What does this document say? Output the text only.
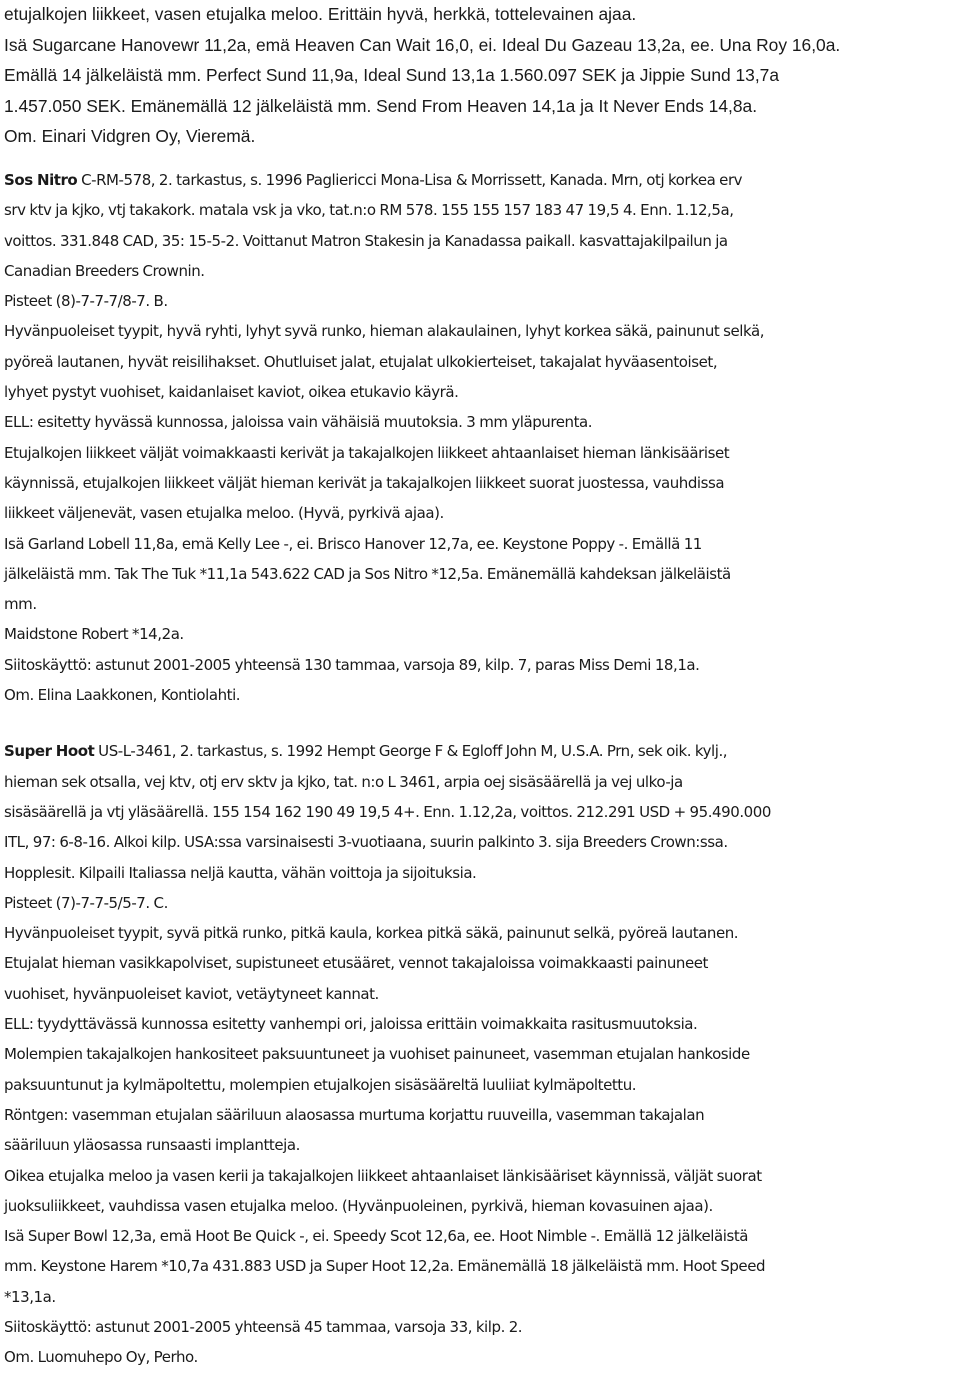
etujalkojen liikkeet, vasen etujalka meloo. Erittäin hyvä, herkkä, tottelevainen ajaa.
Isä Sugarcane Hanovewr 11,2a, emä Heaven Can Wait 16,0, ei. Ideal Du Gazeau 13,2a, ee. Una Roy 16,0a.
Emällä 14 jälkeläistä mm. Perfect Sund 11,9a, Ideal Sund 13,1a 1.560.097 SEK ja Jippie Sund 13,7a
1.457.050 SEK. Emänemällä 12 jälkeläistä mm. Send From Heaven 14,1a ja It Never Ends 14,8a.
Om. Einari Vidgren Oy, Vieremä.
Sos Nitro C-RM-578, 2. tarkastus, s. 1996 Pagliericci Mona-Lisa & Morrissett, Kanada. Mrn, otj korkea erv
srv ktv ja kjko, vtj takakork. matala vsk ja vko, tat.n:o RM 578. 155 155 157 183 47 19,5 4. Enn. 1.12,5a,
voittos. 331.848 CAD, 35: 15-5-2. Voittanut Matron Stakesin ja Kanadassa paikall. kasvattajakilpailun ja
Canadian Breeders Crownin.
Pisteet (8)-7-7-7/8-7. B.
Hyvänpuoleiset tyypit, hyvä ryhti, lyhyt syvä runko, hieman alakaulainen, lyhyt korkea säkä, painunut selkä,
pyöreä lautanen, hyvät reisilihakset. Ohutluiset jalat, etujalat ulkokierteiset, takajalat hyväasentoiset,
lyhyet pystyt vuohiset, kaidanlaiset kaviot, oikea etukavio käyrä.
ELL: esitetty hyvässä kunnossa, jaloissa vain vähäisiä muutoksia. 3 mm yläpurenta.
Etujalkojen liikkeet väljät voimakkaasti kerivät ja takajalkojen liikkeet ahtaanlaiset hieman länkisääriset
käynnissä, etujalkojen liikkeet väljät hieman kerivät ja takajalkojen liikkeet suorat juostessa, vauhdissa
liikkeet väljenevät, vasen etujalka meloo. (Hyvä, pyrkivä ajaa).
Isä Garland Lobell 11,8a, emä Kelly Lee -, ei. Brisco Hanover 12,7a, ee. Keystone Poppy -. Emällä 11
jälkeläistä mm. Tak The Tuk *11,1a 543.622 CAD ja Sos Nitro *12,5a. Emänemällä kahdeksan jälkeläistä
mm.
Maidstone Robert *14,2a.
Siitoskäyttö: astunut 2001-2005 yhteensä 130 tammaa, varsoja 89, kilp. 7, paras Miss Demi 18,1a.
Om. Elina Laakkonen, Kontiolahti.
Super Hoot US-L-3461, 2. tarkastus, s. 1992 Hempt George F & Egloff John M, U.S.A. Prn, sek oik. kylj.,
hieman sek otsalla, vej ktv, otj erv sktv ja kjko, tat. n:o L 3461, arpia oej sisäsäärellä ja vej ulko-ja
sisäsäärellä ja vtj yläsäärellä. 155 154 162 190 49 19,5 4+. Enn. 1.12,2a, voittos. 212.291 USD + 95.490.000
ITL, 97: 6-8-16. Alkoi kilp. USA:ssa varsinaisesti 3-vuotiaana, suurin palkinto 3. sija Breeders Crown:ssa.
Hopplesit. Kilpaili Italiassa neljä kautta, vähän voittoja ja sijoituksia.
Pisteet (7)-7-7-5/5-7. C.
Hyvänpuoleiset tyypit, syvä pitkä runko, pitkä kaula, korkea pitkä säkä, painunut selkä, pyöreä lautanen.
Etujalat hieman vasikkapolviset, supistuneet etusääret, vennot takajaloissa voimakkaasti painuneet
vuohiset, hyvänpuoleiset kaviot, vetäytyneet kannat.
ELL: tyydyttävässä kunnossa esitetty vanhempi ori, jaloissa erittäin voimakkaita rasitusmuutoksia.
Molempien takajalkojen hankositeet paksuuntuneet ja vuohiset painuneet, vasemman etujalan hankoside
paksuuntunut ja kylmäpoltettu, molempien etujalkojen sisäsääreltä luuliiat kylmäpoltettu.
Röntgen: vasemman etujalan sääriluun alaosassa murtuma korjattu ruuveilla, vasemman takajalan
sääriluun yläosassa runsaasti implantteja.
Oikea etujalka meloo ja vasen kerii ja takajalkojen liikkeet ahtaanlaiset länkisääriset käynnissä, väljät suorat
juoksuliikkeet, vauhdissa vasen etujalka meloo. (Hyvänpuoleinen, pyrkivä, hieman kovasuinen ajaa).
Isä Super Bowl 12,3a, emä Hoot Be Quick -, ei. Speedy Scot 12,6a, ee. Hoot Nimble -. Emällä 12 jälkeläistä
mm. Keystone Harem *10,7a 431.883 USD ja Super Hoot 12,2a. Emänemällä 18 jälkeläistä mm. Hoot Speed
*13,1a.
Siitoskäyttö: astunut 2001-2005 yhteensä 45 tammaa, varsoja 33, kilp. 2.
Om. Luomuhepo Oy, Perho.
